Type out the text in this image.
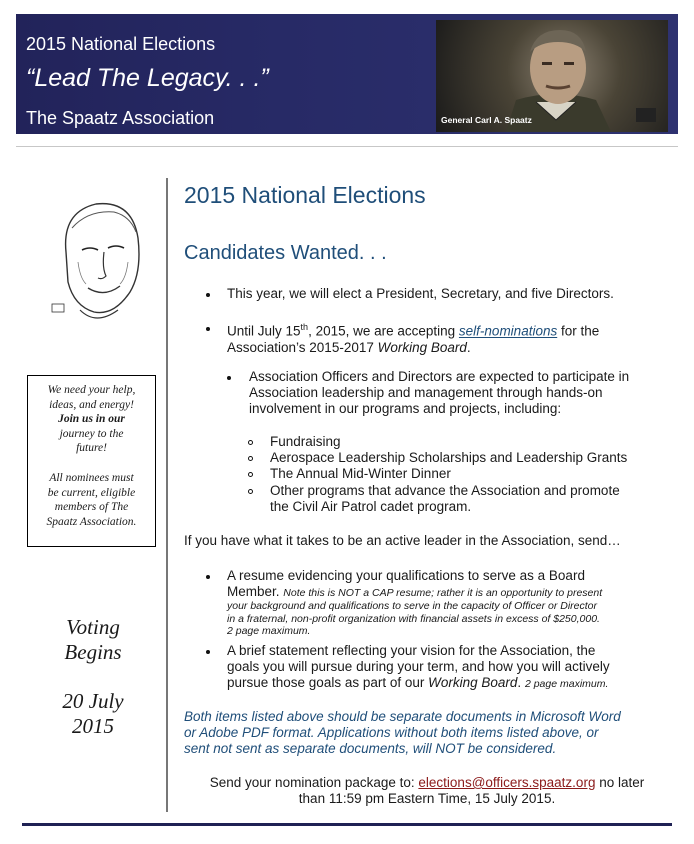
2015 National Elections
“Lead The Legacy. . .”
The Spaatz Association	General Carl A. Spaatz

We need your help,

ideas, and energy!

Join us in our

journey to the

future!

All nominees must

be current, eligible

members of The

Spaatz Association.

Voting
Begins
20 July
2015
2015 National Elections
Candidates Wanted. . .
This year, we will elect a President, Secretary, and five Directors.
Until July 15th, 2015, we are accepting self-nominations for the
Association’s 2015-2017 Working Board.
Association Officers and Directors are expected to participate in
Association leadership and management through hands-on
involvement in our programs and projects, including:
Fundraising
Aerospace Leadership Scholarships and Leadership Grants
The Annual Mid-Winter Dinner
Other programs that advance the Association and promote
the Civil Air Patrol cadet program.
If you have what it takes to be an active leader in the Association, send…
A resume evidencing your qualifications to serve as a Board
Member. Note this is NOT a CAP resume; rather it is an opportunity to present
your background and qualifications to serve in the capacity of Officer or Director
in a fraternal, non-profit organization with financial assets in excess of $250,000.
2 page maximum.
A brief statement reflecting your vision for the Association, the
goals you will pursue during your term, and how you will actively
pursue those goals as part of our Working Board. 2 page maximum.
Both items listed above should be separate documents in Microsoft Word
or Adobe PDF format. Applications without both items listed above, or
sent not sent as separate documents, will NOT be considered.
Send your nomination package to: elections@officers.spaatz.org no later
than 11:59 pm Eastern Time, 15 July 2015.
